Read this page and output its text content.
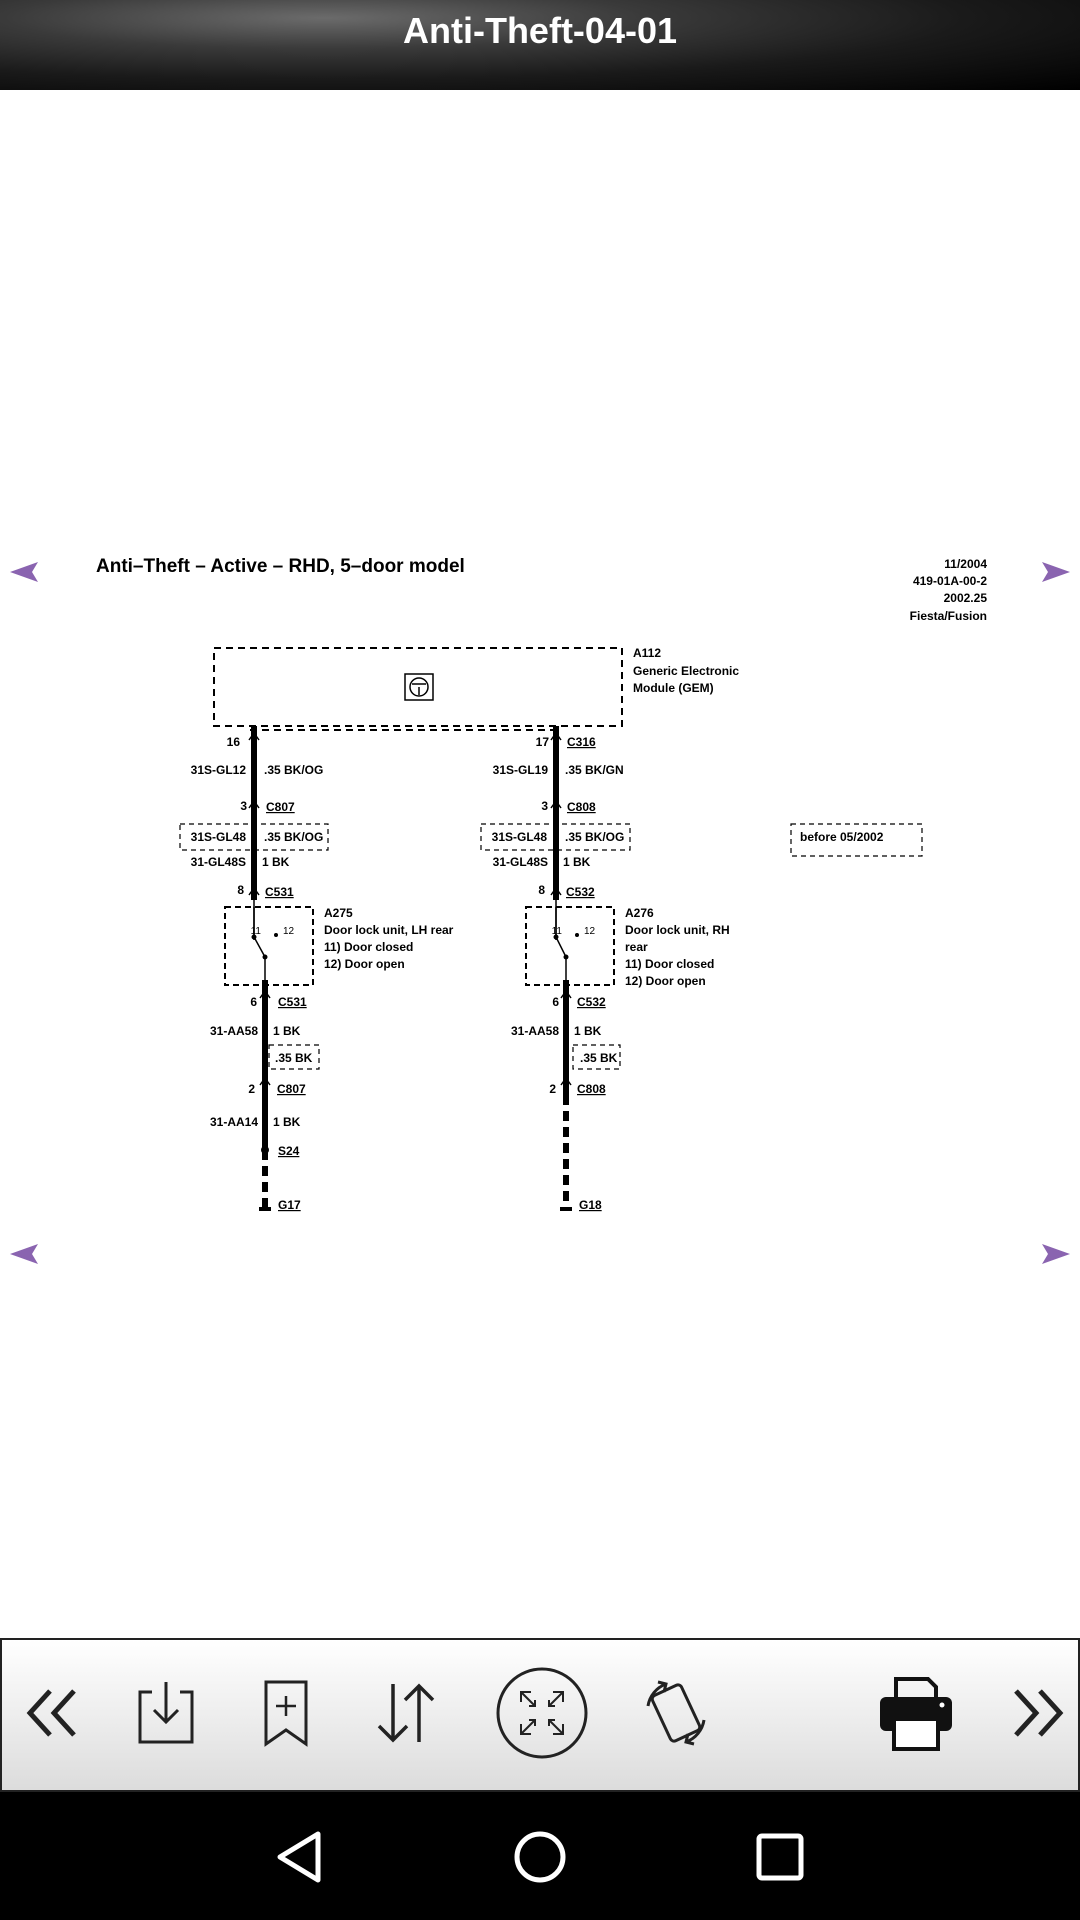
Anti-Theft-04-01
Anti–Theft – Active – RHD, 5–door model	11/2004
419-01A-00-2
2002.25
Fiesta/Fusion
A112
Generic Electronic
Module (GEM)
16
31S-GL12 .35 BK/OG
3 C807
31S-GL48 .35 BK/OG
31-GL48S 1 BK
8 C531
11 12
A275
Door lock unit, LH rear
11) Door closed
12) Door open
6 C531
31-AA58 1 BK
.35 BK
2 C807
31-AA14 1 BK
S24
G17
17 C316
31S-GL19 .35 BK/GN
3 C808
31S-GL48 .35 BK/OG
31-GL48S 1 BK
8 C532
11 12
A276
Door lock unit, RH
rear
11) Door closed
12) Door open
6 C532
31-AA58 1 BK
.35 BK
2 C808
G18
before 05/2002
